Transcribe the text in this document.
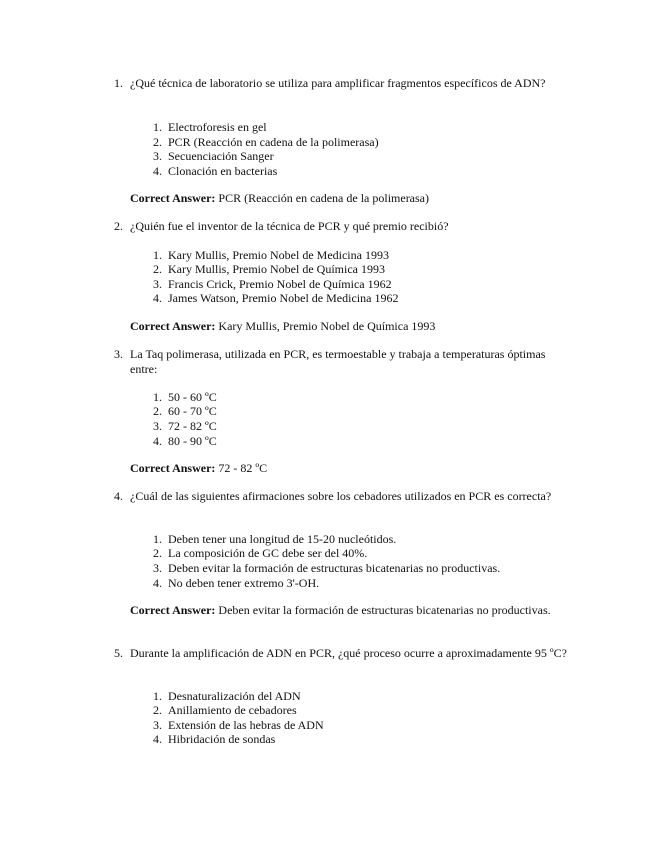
1. ¿Qué técnica de laboratorio se utiliza para amplificar fragmentos específicos de ADN?
1. Electroforesis en gel
2. PCR (Reacción en cadena de la polimerasa)
3. Secuenciación Sanger
4. Clonación en bacterias
Correct Answer: PCR (Reacción en cadena de la polimerasa)
2. ¿Quién fue el inventor de la técnica de PCR y qué premio recibió?
1. Kary Mullis, Premio Nobel de Medicina 1993
2. Kary Mullis, Premio Nobel de Química 1993
3. Francis Crick, Premio Nobel de Química 1962
4. James Watson, Premio Nobel de Medicina 1962
Correct Answer: Kary Mullis, Premio Nobel de Química 1993
3. La Taq polimerasa, utilizada en PCR, es termoestable y trabaja a temperaturas óptimas entre:
1. 50 - 60 ºC
2. 60 - 70 ºC
3. 72 - 82 ºC
4. 80 - 90 ºC
Correct Answer: 72 - 82 ºC
4. ¿Cuál de las siguientes afirmaciones sobre los cebadores utilizados en PCR es correcta?
1. Deben tener una longitud de 15-20 nucleótidos.
2. La composición de GC debe ser del 40%.
3. Deben evitar la formación de estructuras bicatenarias no productivas.
4. No deben tener extremo 3'-OH.
Correct Answer: Deben evitar la formación de estructuras bicatenarias no productivas.
5. Durante la amplificación de ADN en PCR, ¿qué proceso ocurre a aproximadamente 95 ºC?
1. Desnaturalización del ADN
2. Anillamiento de cebadores
3. Extensión de las hebras de ADN
4. Hibridación de sondas
